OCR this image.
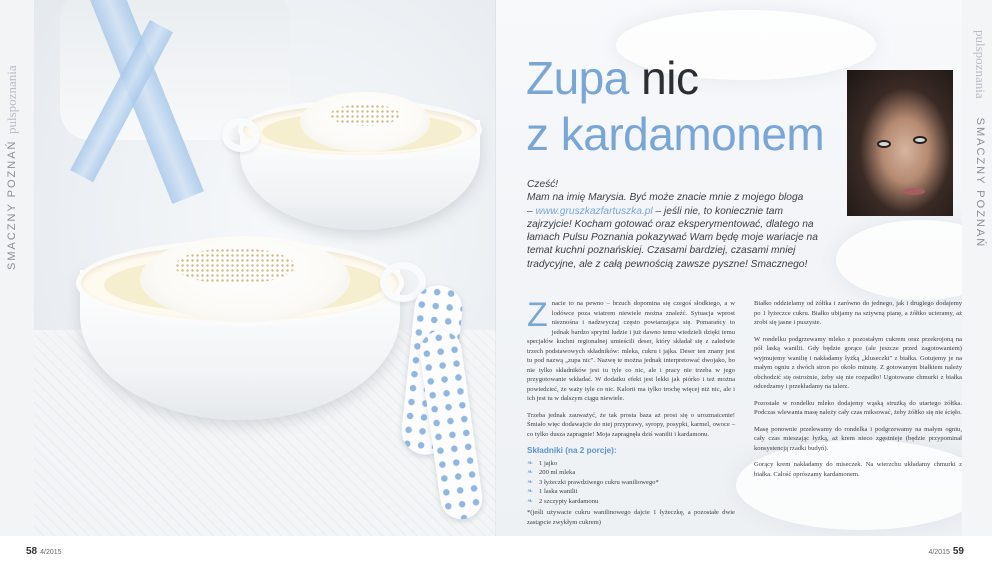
SMACZNY POZNAŃ pulspoznania	Zupa nic
z kardamonem

Cześć!

Mam na imię Marysia. Być może znacie mnie z mojego bloga

– www.gruszkazfartuszka.pl – jeśli nie, to koniecznie tam zajrzyjcie! Kocham gotować oraz eksperymentować, dlatego na łamach Pulsu Poznania pokazywać Wam będę moje wariacje na temat kuchni poznańskiej. Czasami bardziej, czasami mniej tradycyjne, ale z całą pewnością zawsze pyszne! Smacznego!

Znacie to na pewno – brzuch dopomina się czegoś słodkiego, a w lodówce poza wiatrem niewiele można znaleźć. Sytuacja wprost nieznośna i nadzwyczaj często powtarzająca się. Pomarańcy to jednak bardzo sprytni ludzie i już dawno temu wiedzieli dzięki temu specjałów kuchni regionalnej umieścili deser, który składał się z zaledwie trzech podstawowych składników: mleka, cukru i jajka. Deser ten znany jest tu pod nazwą „zupa nic". Nazwę te można jednak interpretować dwojako, bo nie tylko składników jest tu tyle co nic, ale i pracy nie trzeba w jego przygotowanie wkładać. W dodatku efekt jest lekki jak piórko i też można powiedzieć, że waży tyle co nic. Kalorii ma tylko trochę więcej niż nic, ale i ich jest tu w dalszym ciągu niewiele.

Trzeba jednak zauważyć, że tak prosta baza aż prosi się o urozmaicenie! Śmiało więc dodawajcie do niej przyprawy, syropy, posypki, karmel, owoce – co tylko dusza zapragnie! Moja zapragnęła dziś wanilii i kardamonu.

Składniki (na 2 porcje):
❧ 1 jajko
❧ 200 ml mleka
❧ 3 łyżeczki prawdziwego cukru waniliowego*
❧ 1 laska wanilii
❧ 2 szczypty kardamonu

*(jeśli używacie cukru wanilinowego dajcie 1 łyżeczkę, a pozostałe dwie zastąpcie zwykłym cukrem)

Białko oddzielamy od żółtka i zarówno do jednego, jak i drugiego dodajemy po 1 łyżeczce cukru. Białko ubijamy na sztywną pianę, a żółtko ucieramy, aż zrobi się jasne i puszyste.

W rondelku podgrzewamy mleko z pozostałym cukrem oraz przekrojoną na pół laską wanilii. Gdy będzie gorące (ale jeszcze przed zagotowaniem) wyjmujemy wanilię i nakładamy łyżką „kluseczki" z białka. Gotujemy je na małym ogniu z dwóch stron po około minutę. Z gotowanym białkiem należy obchodzić się ostrożnie, żeby się nie rozpadło! Ugotowane chmurki z białka odcedzamy i przekładamy na talerz.

Pozostałe w rondelku mleko dodajemy wąską strużką do utartego żółtka. Podczas wlewania masę należy cały czas miksować, żeby żółtko się nie ścięło.

Masę ponownie przelewamy do rondelka i podgrzewamy na małym ogniu, cały czas mieszając łyżką, aż krem nieco zgęstnieje (będzie przypominał konsystencją rzadki budyń).

Gorący krem nakładamy do miseczek. Na wierzchu układamy chmurki z białka. Całość oprószamy kardamonem.

pulspoznania SMACZNY POZNAŃ
58 4/2015	4/2015 59
